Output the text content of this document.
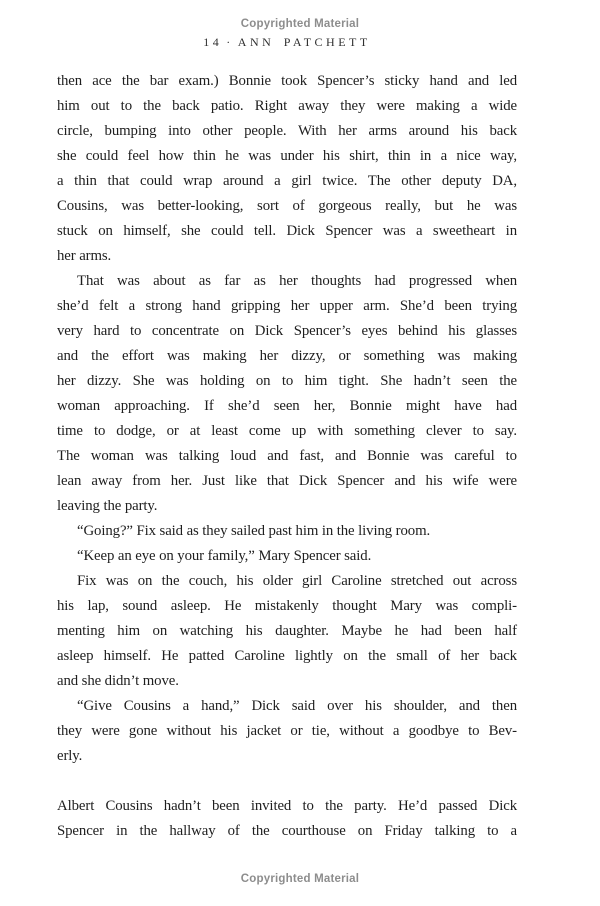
Copyrighted Material
14 · ANN PATCHETT
then ace the bar exam.) Bonnie took Spencer’s sticky hand and led
him out to the back patio. Right away they were making a wide
circle, bumping into other people. With her arms around his back
she could feel how thin he was under his shirt, thin in a nice way,
a thin that could wrap around a girl twice. The other deputy DA,
Cousins, was better-looking, sort of gorgeous really, but he was
stuck on himself, she could tell. Dick Spencer was a sweetheart in
her arms.
That was about as far as her thoughts had progressed when
she’d felt a strong hand gripping her upper arm. She’d been trying
very hard to concentrate on Dick Spencer’s eyes behind his glasses
and the effort was making her dizzy, or something was making
her dizzy. She was holding on to him tight. She hadn’t seen the
woman approaching. If she’d seen her, Bonnie might have had
time to dodge, or at least come up with something clever to say.
The woman was talking loud and fast, and Bonnie was careful to
lean away from her. Just like that Dick Spencer and his wife were
leaving the party.
“Going?” Fix said as they sailed past him in the living room.
“Keep an eye on your family,” Mary Spencer said.
Fix was on the couch, his older girl Caroline stretched out across
his lap, sound asleep. He mistakenly thought Mary was compli-
menting him on watching his daughter. Maybe he had been half
asleep himself. He patted Caroline lightly on the small of her back
and she didn’t move.
“Give Cousins a hand,” Dick said over his shoulder, and then
they were gone without his jacket or tie, without a goodbye to Bev-
erly.
Albert Cousins hadn’t been invited to the party. He’d passed Dick
Spencer in the hallway of the courthouse on Friday talking to a
Copyrighted Material
